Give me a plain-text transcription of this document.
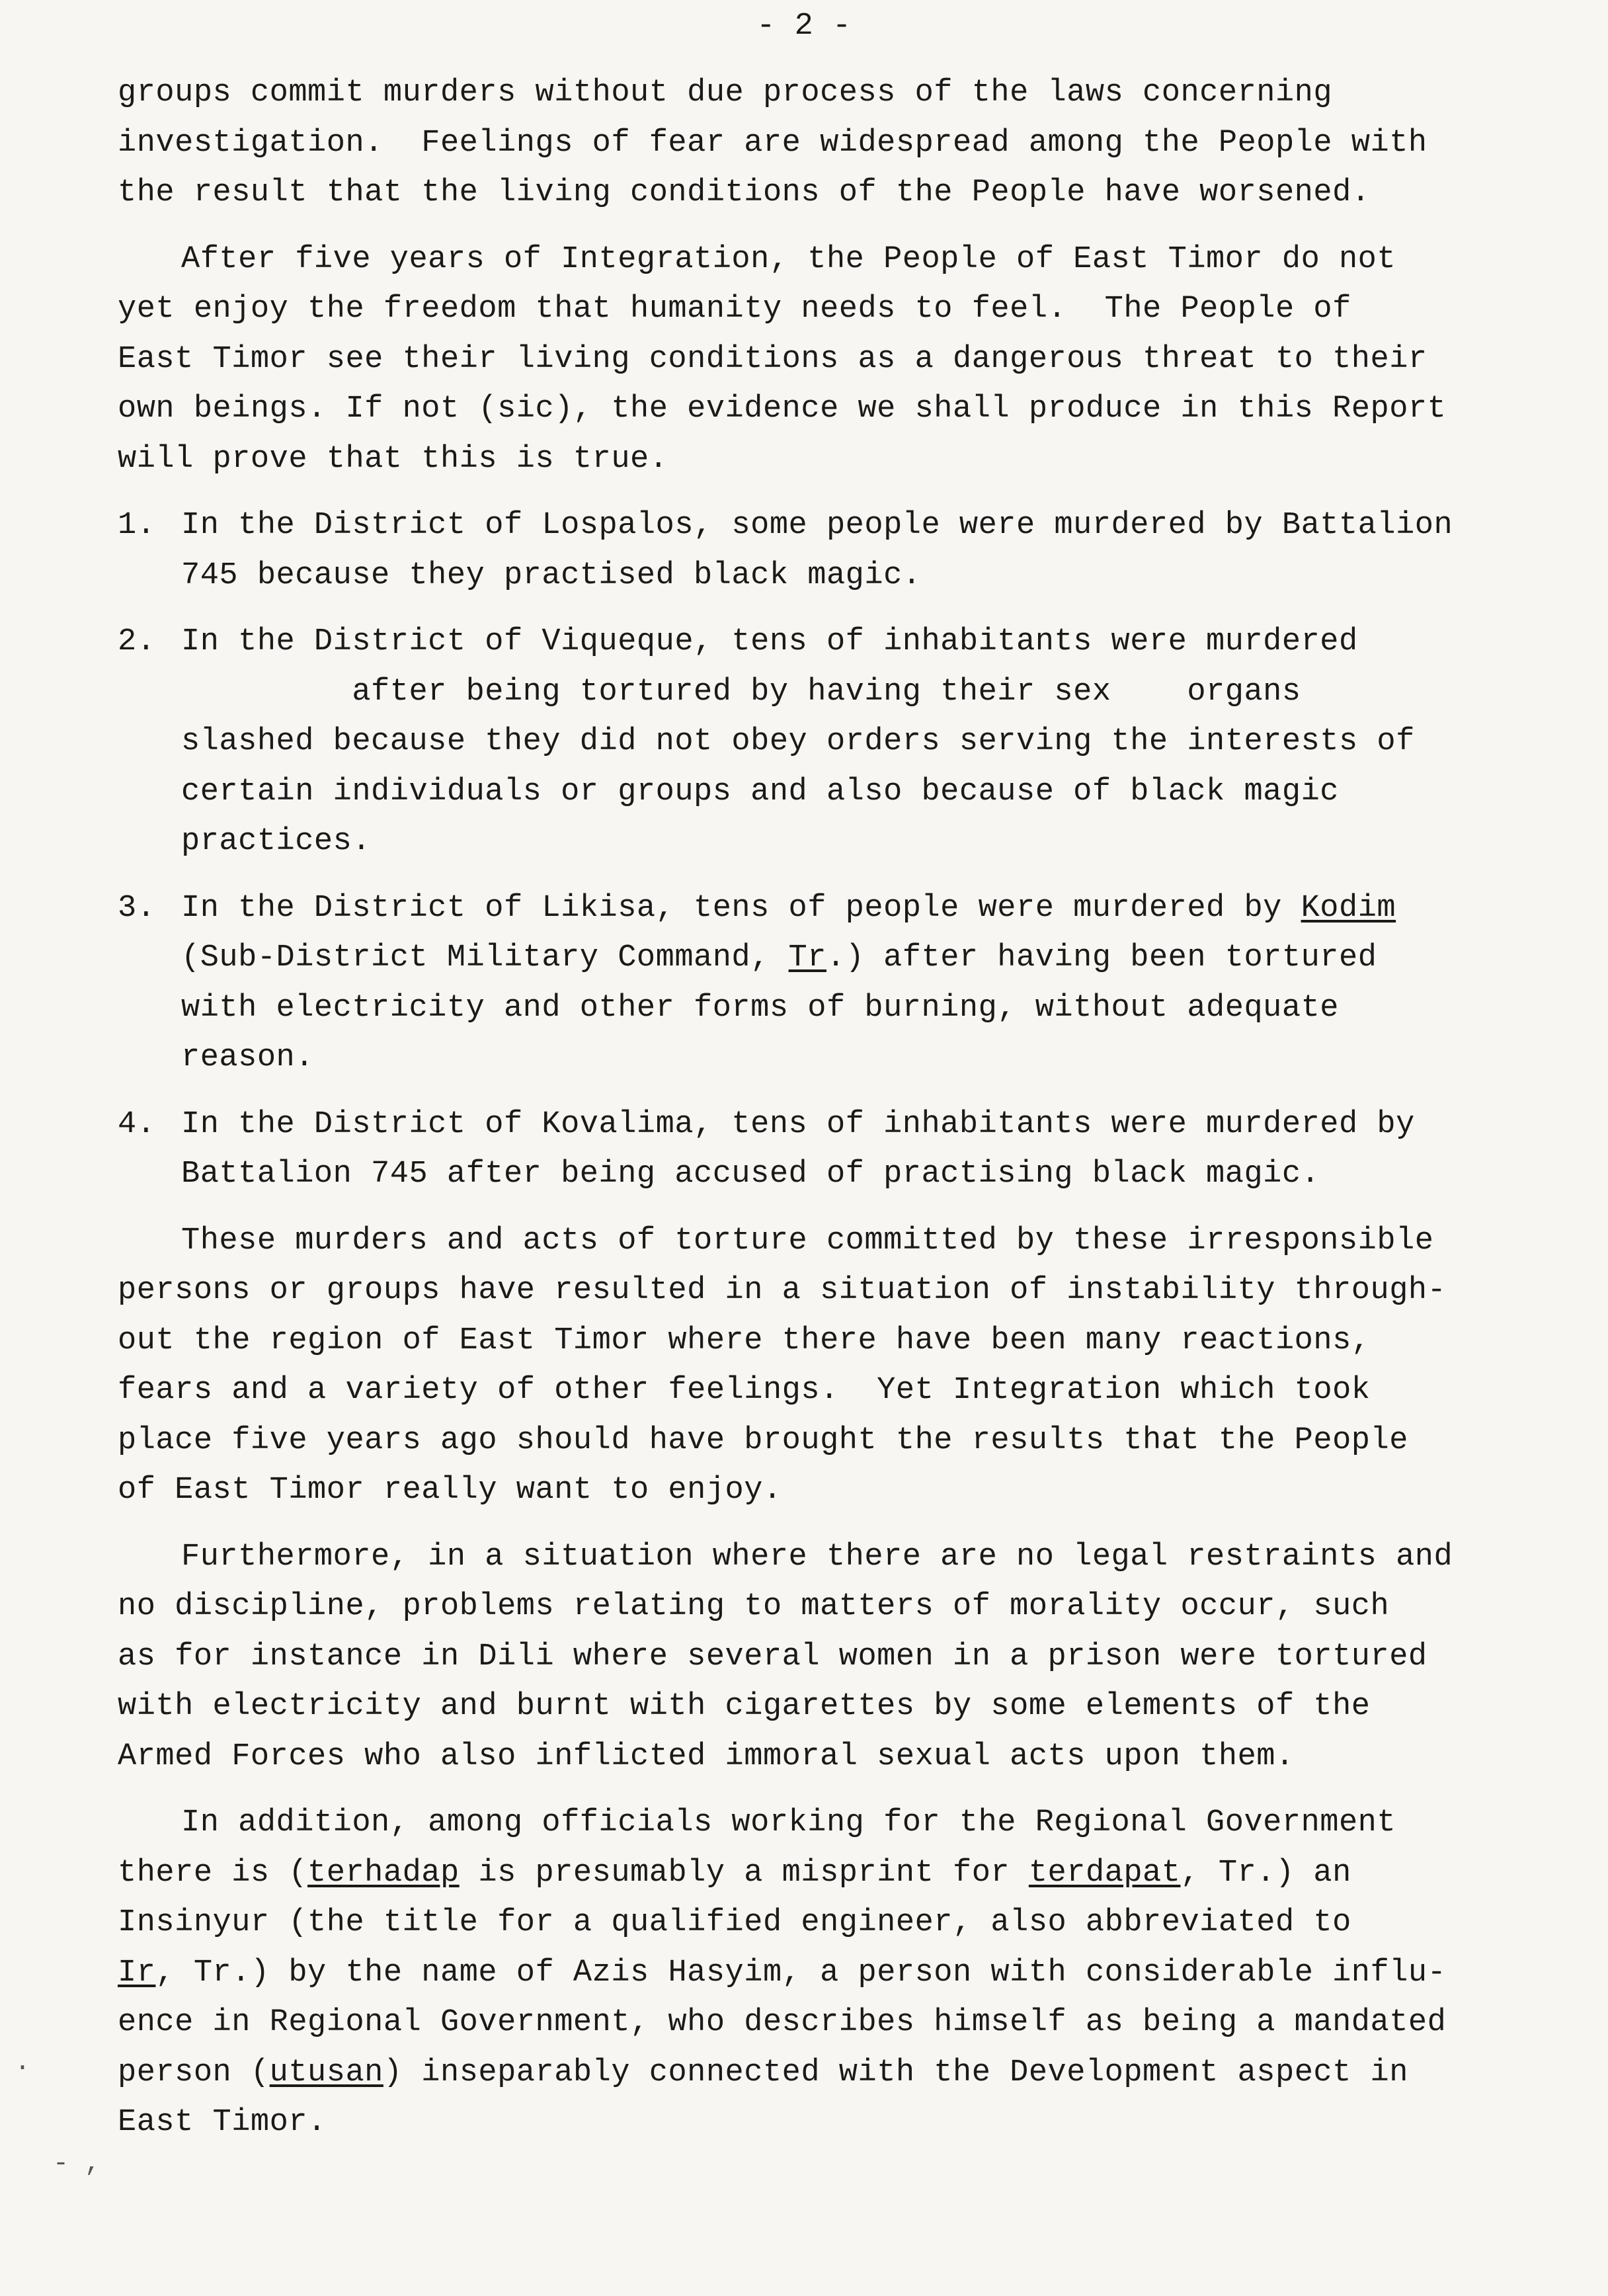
- 2 -

groups commit murders without due process of the laws concerning
investigation.  Feelings of fear are widespread among the People with
the result that the living conditions of the People have worsened.

After five years of Integration, the People of East Timor do not
yet enjoy the freedom that humanity needs to feel.  The People of
East Timor see their living conditions as a dangerous threat to their
own beings. If not (sic), the evidence we shall produce in this Report
will prove that this is true.

1. In the District of Lospalos, some people were murdered by Battalion
745 because they practised black magic.
2. In the District of Viqueque, tens of inhabitants were murdered
after being tortured by having their sex    organs
slashed because they did not obey orders serving the interests of
certain individuals or groups and also because of black magic
practices.
3. In the District of Likisa, tens of people were murdered by Kodim
(Sub-District Military Command, Tr.) after having been tortured
with electricity and other forms of burning, without adequate
reason.
4. In the District of Kovalima, tens of inhabitants were murdered by
Battalion 745 after being accused of practising black magic.

These murders and acts of torture committed by these irresponsible
persons or groups have resulted in a situation of instability through-
out the region of East Timor where there have been many reactions,
fears and a variety of other feelings.  Yet Integration which took
place five years ago should have brought the results that the People
of East Timor really want to enjoy.

Furthermore, in a situation where there are no legal restraints and
no discipline, problems relating to matters of morality occur, such
as for instance in Dili where several women in a prison were tortured
with electricity and burnt with cigarettes by some elements of the
Armed Forces who also inflicted immoral sexual acts upon them.

In addition, among officials working for the Regional Government
there is (terhadap is presumably a misprint for terdapat, Tr.) an
Insinyur (the title for a qualified engineer, also abbreviated to
Ir, Tr.) by the name of Azis Hasyim, a person with considerable influ-
ence in Regional Government, who describes himself as being a mandated
person (utusan) inseparably connected with the Development aspect in
East Timor.

·
- ,
